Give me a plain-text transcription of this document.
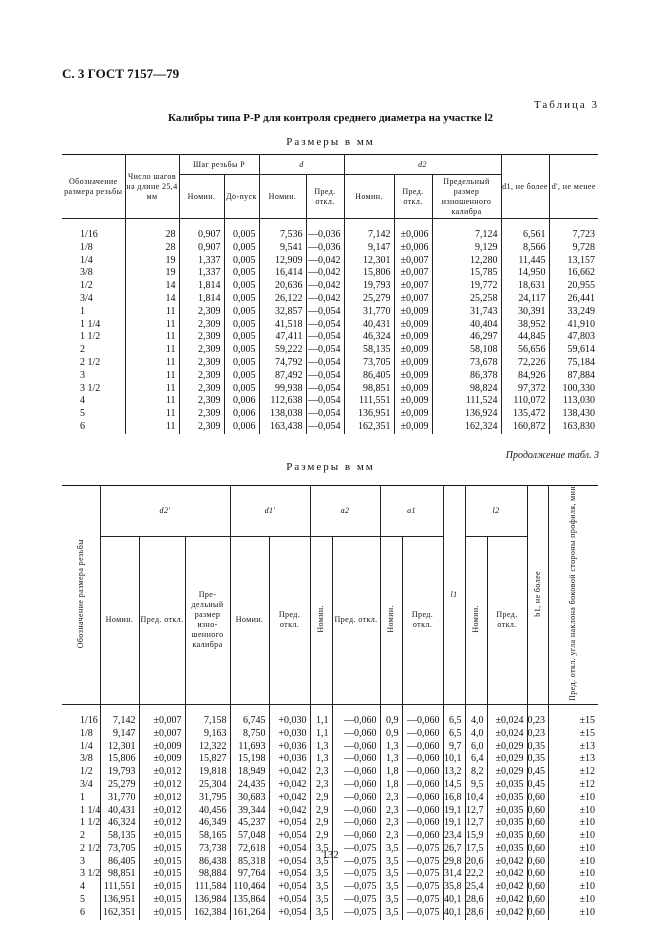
С. 3 ГОСТ 7157—79
Таблица 3
Калибры типа Р-Р для контроля среднего диаметра на участке l2
Размеры в мм
Обозначение размера резьбы	Число шагов на длине 25,4 мм	Шаг резьбы P		d		d2			d1, не более	d', не менее
		Номин.	До-пуск	Номин.	Пред. откл.	Номин.	Пред. откл.	Предельный размер изношенного калибра		
1/16	28	0,907	0,005	7,536	—0,036	7,142	±0,006	7,124	6,561	7,723
1/8	28	0,907	0,005	9,541	—0,036	9,147	±0,006	9,129	8,566	9,728
1/4	19	1,337	0,005	12,909	—0,042	12,301	±0,007	12,280	11,445	13,157
3/8	19	1,337	0,005	16,414	—0,042	15,806	±0,007	15,785	14,950	16,662
1/2	14	1,814	0,005	20,636	—0,042	19,793	±0,007	19,772	18,631	20,955
3/4	14	1,814	0,005	26,122	—0,042	25,279	±0,007	25,258	24,117	26,441
1	11	2,309	0,005	32,857	—0,054	31,770	±0,009	31,743	30,391	33,249
1 1/4	11	2,309	0,005	41,518	—0,054	40,431	±0,009	40,404	38,952	41,910
1 1/2	11	2,309	0,005	47,411	—0,054	46,324	±0,009	46,297	44,845	47,803
2	11	2,309	0,005	59,222	—0,054	58,135	±0,009	58,108	56,656	59,614
2 1/2	11	2,309	0,005	74,792	—0,054	73,705	±0,009	73,678	72,226	75,184
3	11	2,309	0,005	87,492	—0,054	86,405	±0,009	86,378	84,926	87,884
3 1/2	11	2,309	0,005	99,938	—0,054	98,851	±0,009	98,824	97,372	100,330
4	11	2,309	0,006	112,638	—0,054	111,551	±0,009	111,524	110,072	113,030
5	11	2,309	0,006	138,038	—0,054	136,951	±0,009	136,924	135,472	138,430
6	11	2,309	0,006	163,438	—0,054	162,351	±0,009	162,324	160,872	163,830
Размеры в мм
Продолжение табл. 3
Обозначение размера резьбы	d2'			d1'		a2		a1		l1	l2		b1, не более	Пред. откл. угла наклона боковой стороны профиля, мин
	Номин.	Пред. откл.	Пре-дельный размер изно-шенного калибра	Номин.	Пред. откл.	Номин.	Пред. откл.	Номин.	Пред. откл.		Номин.	Пред. откл.		
1/16	7,142	±0,007	7,158	6,745	+0,030	1,1	—0,060	0,9	—0,060	6,5	4,0	±0,024	0,23	±15
1/8	9,147	±0,007	9,163	8,750	+0,030	1,1	—0,060	0,9	—0,060	6,5	4,0	±0,024	0,23	±15
1/4	12,301	±0,009	12,322	11,693	+0,036	1,3	—0,060	1,3	—0,060	9,7	6,0	±0,029	0,35	±13
3/8	15,806	±0,009	15,827	15,198	+0,036	1,3	—0,060	1,3	—0,060	10,1	6,4	±0,029	0,35	±13
1/2	19,793	±0,012	19,818	18,949	+0,042	2,3	—0,060	1,8	—0,060	13,2	8,2	±0,029	0,45	±12
3/4	25,279	±0,012	25,304	24,435	+0,042	2,3	—0,060	1,8	—0,060	14,5	9,5	±0,035	0,45	±12
1	31,770	±0,012	31,795	30,683	+0,042	2,9	—0,060	2,3	—0,060	16,8	10,4	±0,035	0,60	±10
1 1/4	40,431	±0,012	40,456	39,344	+0,042	2,9	—0,060	2,3	—0,060	19,1	12,7	±0,035	0,60	±10
1 1/2	46,324	±0,012	46,349	45,237	+0,054	2,9	—0,060	2,3	—0,060	19,1	12,7	±0,035	0,60	±10
2	58,135	±0,015	58,165	57,048	+0,054	2,9	—0,060	2,3	—0,060	23,4	15,9	±0,035	0,60	±10
2 1/2	73,705	±0,015	73,738	72,618	+0,054	3,5	—0,075	3,5	—0,075	26,7	17,5	±0,035	0,60	±10
3	86,405	±0,015	86,438	85,318	+0,054	3,5	—0,075	3,5	—0,075	29,8	20,6	±0,042	0,60	±10
3 1/2	98,851	±0,015	98,884	97,764	+0,054	3,5	—0,075	3,5	—0,075	31,4	22,2	±0,042	0,60	±10
4	111,551	±0,015	111,584	110,464	+0,054	3,5	—0,075	3,5	—0,075	35,8	25,4	±0,042	0,60	±10
5	136,951	±0,015	136,984	135,864	+0,054	3,5	—0,075	3,5	—0,075	40,1	28,6	±0,042	0,60	±10
6	162,351	±0,015	162,384	161,264	+0,054	3,5	—0,075	3,5	—0,075	40,1	28,6	±0,042	0,60	±10
132
